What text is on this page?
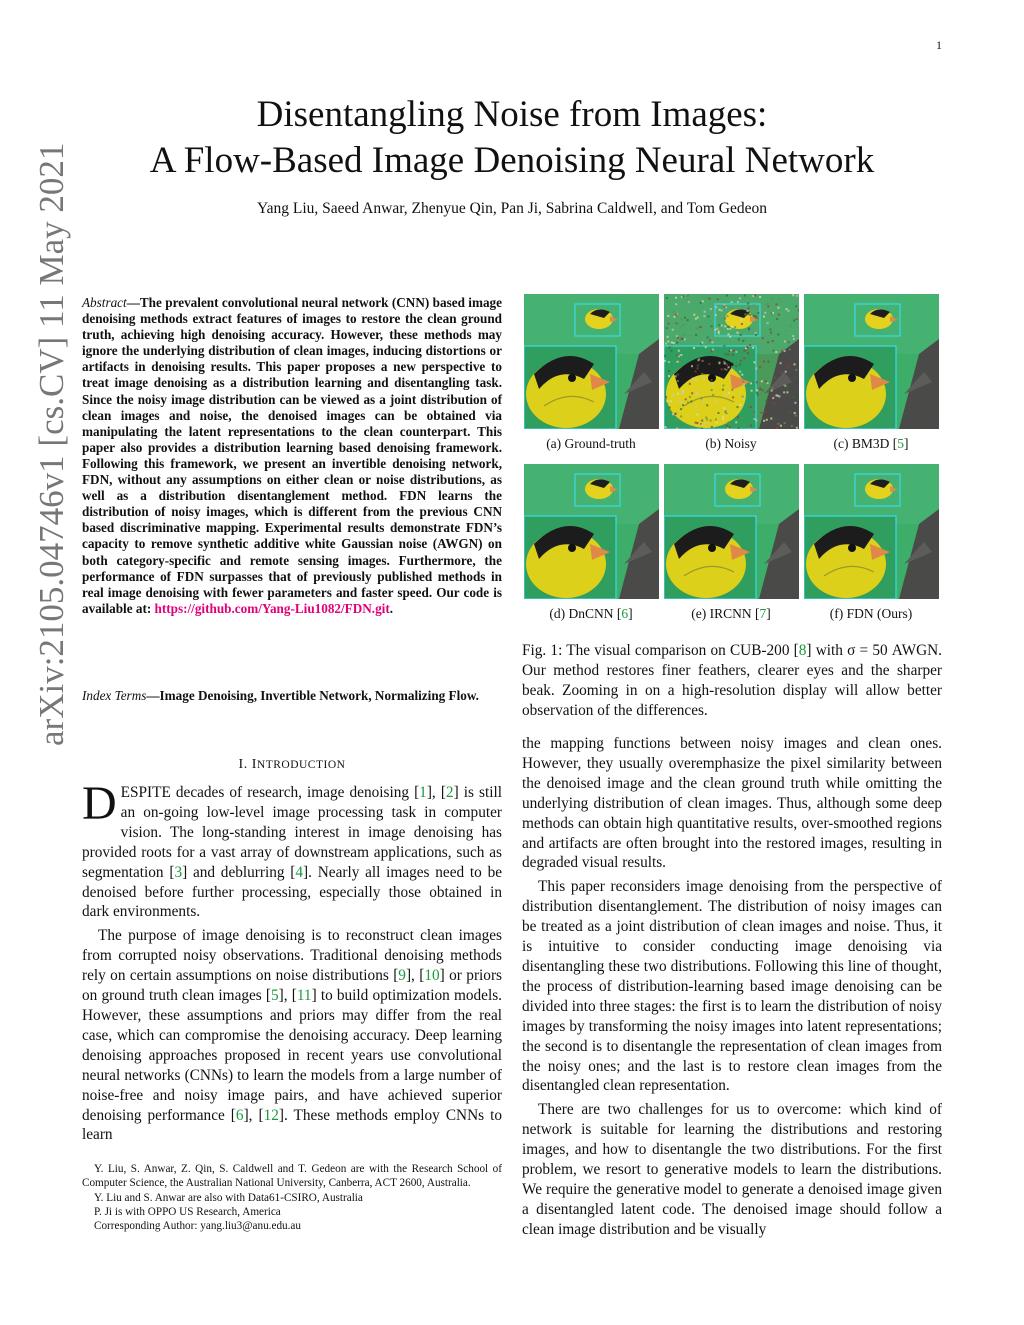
1
arXiv:2105.04746v1 [cs.CV] 11 May 2021
Disentangling Noise from Images:
A Flow-Based Image Denoising Neural Network
Yang Liu, Saeed Anwar, Zhenyue Qin, Pan Ji, Sabrina Caldwell, and Tom Gedeon
Abstract—The prevalent convolutional neural network (CNN) based image denoising methods extract features of images to restore the clean ground truth, achieving high denoising accuracy. However, these methods may ignore the underlying distribution of clean images, inducing distortions or artifacts in denoising results. This paper proposes a new perspective to treat image denoising as a distribution learning and disentangling task. Since the noisy image distribution can be viewed as a joint distribution of clean images and noise, the denoised images can be obtained via manipulating the latent representations to the clean counterpart. This paper also provides a distribution learning based denoising framework. Following this framework, we present an invertible denoising network, FDN, without any assumptions on either clean or noise distributions, as well as a distribution disentanglement method. FDN learns the distribution of noisy images, which is different from the previous CNN based discriminative mapping. Experimental results demonstrate FDN’s capacity to remove synthetic additive white Gaussian noise (AWGN) on both category-specific and remote sensing images. Furthermore, the performance of FDN surpasses that of previously published methods in real image denoising with fewer parameters and faster speed. Our code is available at: https://github.com/Yang-Liu1082/FDN.git.
Index Terms—Image Denoising, Invertible Network, Normalizing Flow.
I. INTRODUCTION

DESPITE decades of research, image denoising [1], [2] is still an on-going low-level image processing task in computer vision. The long-standing interest in image denoising has provided roots for a vast array of downstream applications, such as segmentation [3] and deblurring [4]. Nearly all images need to be denoised before further processing, especially those obtained in dark environments.

The purpose of image denoising is to reconstruct clean images from corrupted noisy observations. Traditional denoising methods rely on certain assumptions on noise distributions [9], [10] or priors on ground truth clean images [5], [11] to build optimization models. However, these assumptions and priors may differ from the real case, which can compromise the denoising accuracy. Deep learning denoising approaches proposed in recent years use convolutional neural networks (CNNs) to learn the models from a large number of noise-free and noisy image pairs, and have achieved superior denoising performance [6], [12]. These methods employ CNNs to learn

Y. Liu, S. Anwar, Z. Qin, S. Caldwell and T. Gedeon are with the Research School of Computer Science, the Australian National University, Canberra, ACT 2600, Australia.

Y. Liu and S. Anwar are also with Data61-CSIRO, Australia

P. Ji is with OPPO US Research, America

Corresponding Author: yang.liu3@anu.edu.au

(a) Ground-truth	(b) Noisy	(c) BM3D [5]
(d) DnCNN [6]	(e) IRCNN [7]	(f) FDN (Ours)
Fig. 1: The visual comparison on CUB-200 [8] with σ = 50 AWGN. Our method restores finer feathers, clearer eyes and the sharper beak. Zooming in on a high-resolution display will allow better observation of the differences.

the mapping functions between noisy images and clean ones. However, they usually overemphasize the pixel similarity between the denoised image and the clean ground truth while omitting the underlying distribution of clean images. Thus, although some deep methods can obtain high quantitative results, over-smoothed regions and artifacts are often brought into the restored images, resulting in degraded visual results.

This paper reconsiders image denoising from the perspective of distribution disentanglement. The distribution of noisy images can be treated as a joint distribution of clean images and noise. Thus, it is intuitive to consider conducting image denoising via disentangling these two distributions. Following this line of thought, the process of distribution-learning based image denoising can be divided into three stages: the first is to learn the distribution of noisy images by transforming the noisy images into latent representations; the second is to disentangle the representation of clean images from the noisy ones; and the last is to restore clean images from the disentangled clean representation.

There are two challenges for us to overcome: which kind of network is suitable for learning the distributions and restoring images, and how to disentangle the two distributions. For the first problem, we resort to generative models to learn the distributions. We require the generative model to generate a denoised image given a disentangled latent code. The denoised image should follow a clean image distribution and be visually
